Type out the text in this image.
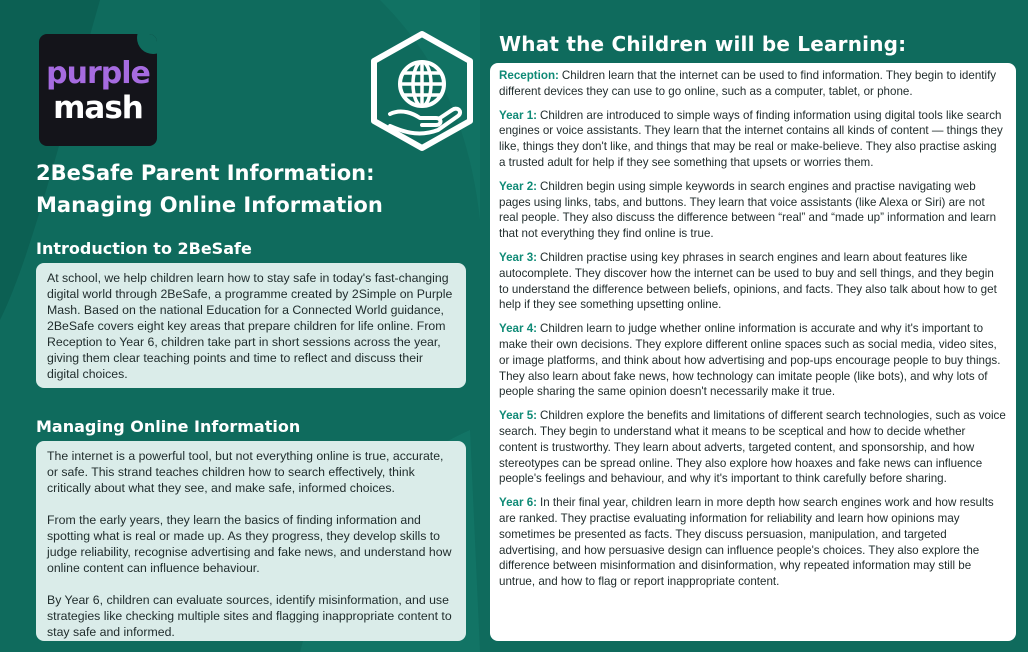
purple
mash
2BeSafe Parent Information:
Managing Online Information
Introduction to 2BeSafe

At school, we help children learn how to stay safe in today's fast-changing digital world through 2BeSafe, a programme created by 2Simple on Purple Mash. Based on the national Education for a Connected World guidance, 2BeSafe covers eight key areas that prepare children for life online. From Reception to Year 6, children take part in short sessions across the year, giving them clear teaching points and time to reflect and discuss their digital choices.

Managing Online Information

The internet is a powerful tool, but not everything online is true, accurate, or safe. This strand teaches children how to search effectively, think critically about what they see, and make safe, informed choices.

From the early years, they learn the basics of finding information and spotting what is real or made up. As they progress, they develop skills to judge reliability, recognise advertising and fake news, and understand how online content can influence behaviour.

By Year 6, children can evaluate sources, identify misinformation, and use strategies like checking multiple sites and flagging inappropriate content to stay safe and informed.

What the Children will be Learning:
Reception: Children learn that the internet can be used to find information. They begin to identify different devices they can use to go online, such as a computer, tablet, or phone.
Year 1: Children are introduced to simple ways of finding information using digital tools like search engines or voice assistants. They learn that the internet contains all kinds of content — things they like, things they don't like, and things that may be real or make-believe. They also practise asking a trusted adult for help if they see something that upsets or worries them.
Year 2: Children begin using simple keywords in search engines and practise navigating web pages using links, tabs, and buttons. They learn that voice assistants (like Alexa or Siri) are not real people. They also discuss the difference between “real” and “made up” information and learn that not everything they find online is true.
Year 3: Children practise using key phrases in search engines and learn about features like autocomplete. They discover how the internet can be used to buy and sell things, and they begin to understand the difference between beliefs, opinions, and facts. They also talk about how to get help if they see something upsetting online.
Year 4: Children learn to judge whether online information is accurate and why it's important to make their own decisions. They explore different online spaces such as social media, video sites, or image platforms, and think about how advertising and pop-ups encourage people to buy things. They also learn about fake news, how technology can imitate people (like bots), and why lots of people sharing the same opinion doesn't necessarily make it true.
Year 5: Children explore the benefits and limitations of different search technologies, such as voice search. They begin to understand what it means to be sceptical and how to decide whether content is trustworthy. They learn about adverts, targeted content, and sponsorship, and how stereotypes can be spread online. They also explore how hoaxes and fake news can influence people's feelings and behaviour, and why it's important to think carefully before sharing.
Year 6: In their final year, children learn in more depth how search engines work and how results are ranked. They practise evaluating information for reliability and learn how opinions may sometimes be presented as facts. They discuss persuasion, manipulation, and targeted advertising, and how persuasive design can influence people's choices. They also explore the difference between misinformation and disinformation, why repeated information may still be untrue, and how to flag or report inappropriate content.
